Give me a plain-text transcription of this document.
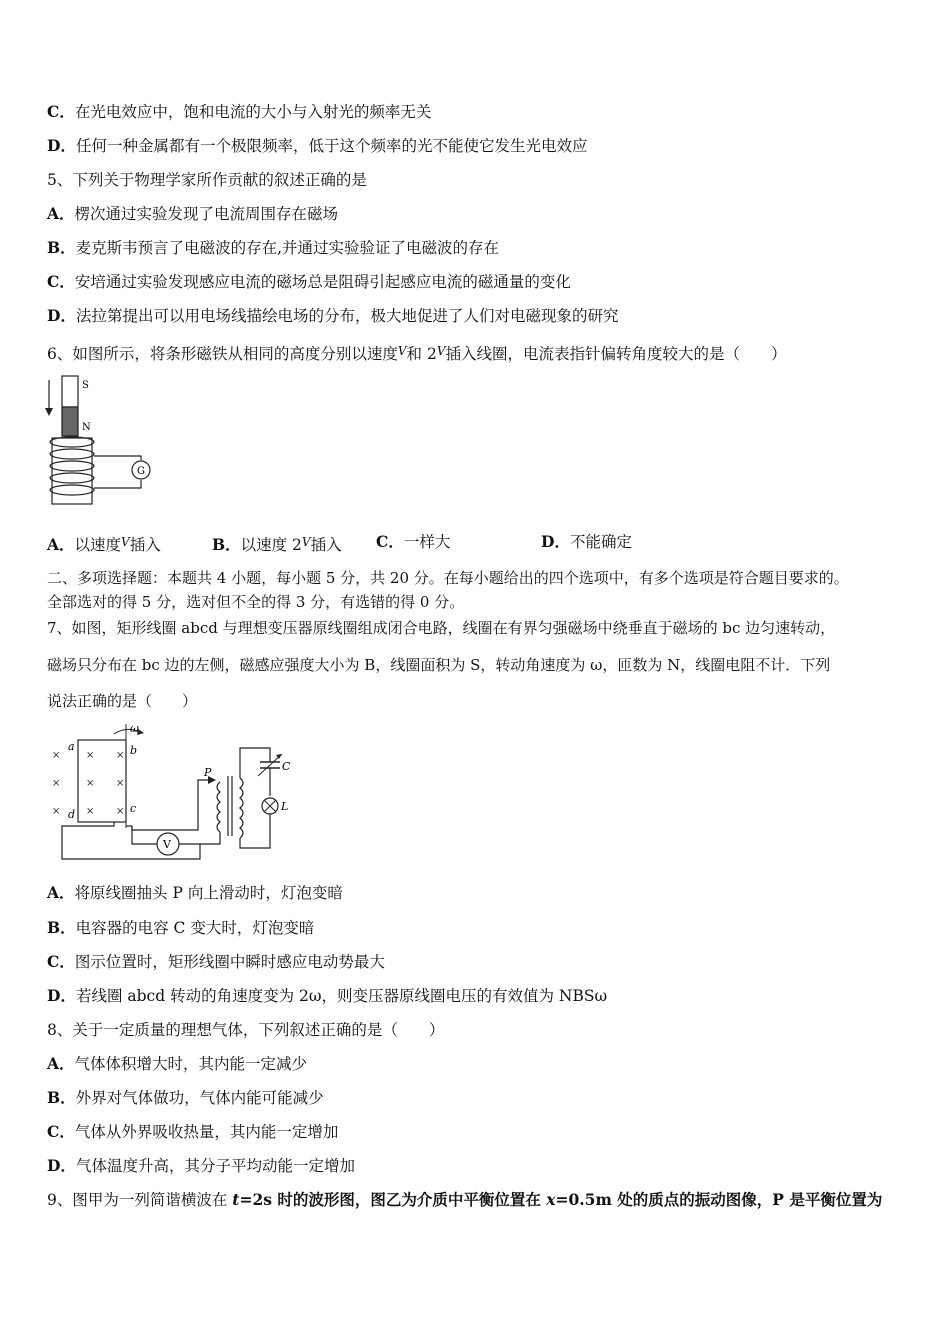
C．在光电效应中，饱和电流的大小与入射光的频率无关
D．任何一种金属都有一个极限频率，低于这个频率的光不能使它发生光电效应
5、下列关于物理学家所作贡献的叙述正确的是
A．楞次通过实验发现了电流周围存在磁场
B．麦克斯韦预言了电磁波的存在,并通过实验验证了电磁波的存在
C．安培通过实验发现感应电流的磁场总是阻碍引起感应电流的磁通量的变化
D．法拉第提出可以用电场线描绘电场的分布，极大地促进了人们对电磁现象的研究
6、如图所示，将条形磁铁从相同的高度分别以速度$^V$和 $2^V$插入线圈，电流表指针偏转角度较大的是（　　）
S
N
G
A．以速度$^V$插入	B．以速度 $2^V$插入 C．一样大	D．不能确定
二、多项选择题：本题共 4 小题，每小题 5 分，共 20 分。在每小题给出的四个选项中，有多个选项是符合题目要求的。
全部选对的得 5 分，选对但不全的得 3 分，有选错的得 0 分。
7、如图，矩形线圈 abcd 与理想变压器原线圈组成闭合电路，线圈在有界匀强磁场中绕垂直于磁场的 bc 边匀速转动，
磁场只分布在 bc 边的左侧，磁感应强度大小为 B，线圈面积为 S，转动角速度为 ω，匝数为 N，线圈电阻不计．下列
说法正确的是（　　）
×	× ×
×	× ×
×	× ×
a	b
c
d
ω
V
P	C
L
A．将原线圈抽头 P 向上滑动时，灯泡变暗
B．电容器的电容 C 变大时，灯泡变暗
C．图示位置时，矩形线圈中瞬时感应电动势最大
D．若线圈 abcd 转动的角速度变为 2ω，则变压器原线圈电压的有效值为 NBSω
8、关于一定质量的理想气体，下列叙述正确的是（　　）
A．气体体积增大时，其内能一定减少
B．外界对气体做功，气体内能可能减少
C．气体从外界吸收热量，其内能一定增加
D．气体温度升高，其分子平均动能一定增加
9、图甲为一列简谐横波在 t=2s 时的波形图，图乙为介质中平衡位置在 x=0.5m 处的质点的振动图像，P 是平衡位置为
